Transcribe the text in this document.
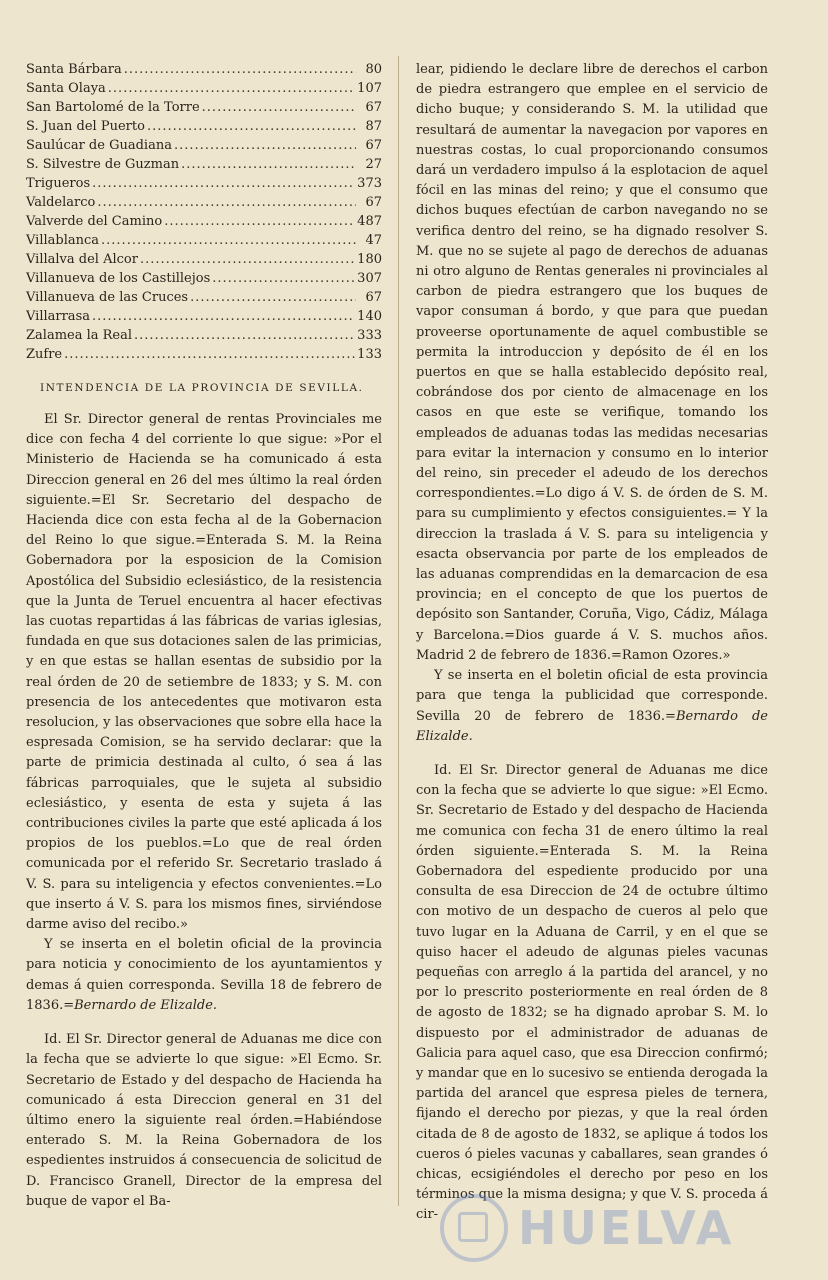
Santa Bárbara .....	80
Santa Olaya .....	107
San Bartolomé de la Torre .....	67
S. Juan del Puerto .....	87
Saulúcar de Guadiana .....	67
S. Silvestre de Guzman .....	27
Trigueros .....	373
Valdelarco .....	67
Valverde del Camino .....	487
Villablanca .....	47
Villalva del Alcor .....	180
Villanueva de los Castillejos .....	307
Villanueva de las Cruces .....	67
Villarrasa .....	140
Zalamea la Real .....	333
Zufre .....	133
INTENDENCIA DE LA PROVINCIA DE SEVILLA.

El Sr. Director general de rentas Provinciales me dice con fecha 4 del corriente lo que sigue: »Por el Ministerio de Hacienda se ha comunicado á esta Direccion general en 26 del mes último la real órden siguiente.=El Sr. Secretario del despacho de Hacienda dice con esta fecha al de la Gobernacion del Reino lo que sigue.=Enterada S. M. la Reina Gobernadora por la esposicion de la Comision Apostólica del Subsidio eclesiástico, de la resistencia que la Junta de Teruel encuentra al hacer efectivas las cuotas repartidas á las fábricas de varias iglesias, fundada en que sus dotaciones salen de las primicias, y en que estas se hallan esentas de subsidio por la real órden de 20 de setiembre de 1833; y S. M. con presencia de los antecedentes que motivaron esta resolucion, y las observaciones que sobre ella hace la espresada Comision, se ha servido declarar: que la parte de primicia destinada al culto, ó sea á las fábricas parroquiales, que le sujeta al subsidio eclesiástico, y esenta de esta y sujeta á las contribuciones civiles la parte que esté aplicada á los propios de los pueblos.=Lo que de real órden comunicada por el referido Sr. Secretario traslado á V. S. para su inteligencia y efectos convenientes.=Lo que inserto á V. S. para los mismos fines, sirviéndose darme aviso del recibo.»

Y se inserta en el boletin oficial de la provincia para noticia y conocimiento de los ayuntamientos y demas á quien corresponda. Sevilla 18 de febrero de 1836.=Bernardo de Elizalde.

Id. El Sr. Director general de Aduanas me dice con la fecha que se advierte lo que sigue: »El Ecmo. Sr. Secretario de Estado y del despacho de Hacienda ha comunicado á esta Direccion general en 31 del último enero la siguiente real órden.=Habiéndose enterado S. M. la Reina Gobernadora de los espedientes instruidos á consecuencia de solicitud de D. Francisco Granell, Director de la empresa del buque de vapor el Ba-

lear, pidiendo le declare libre de derechos el carbon de piedra estrangero que emplee en el servicio de dicho buque; y considerando S. M. la utilidad que resultará de aumentar la navegacion por vapores en nuestras costas, lo cual proporcionando consumos dará un verdadero impulso á la esplotacion de aquel fócil en las minas del reino; y que el consumo que dichos buques efectúan de carbon navegando no se verifica dentro del reino, se ha dignado resolver S. M. que no se sujete al pago de derechos de aduanas ni otro alguno de Rentas generales ni provinciales al carbon de piedra estrangero que los buques de vapor consuman á bordo, y que para que puedan proveerse oportunamente de aquel combustible se permita la introduccion y depósito de él en los puertos en que se halla establecido depósito real, cobrándose dos por ciento de almacenage en los casos en que este se verifique, tomando los empleados de aduanas todas las medidas necesarias para evitar la internacion y consumo en lo interior del reino, sin preceder el adeudo de los derechos correspondientes.=Lo digo á V. S. de órden de S. M. para su cumplimiento y efectos consiguientes.= Y la direccion la traslada á V. S. para su inteligencia y esacta observancia por parte de los empleados de las aduanas comprendidas en la demarcacion de esa provincia; en el concepto de que los puertos de depósito son Santander, Coruña, Vigo, Cádiz, Málaga y Barcelona.=Dios guarde á V. S. muchos años. Madrid 2 de febrero de 1836.=Ramon Ozores.»

Y se inserta en el boletin oficial de esta provincia para que tenga la publicidad que corresponde. Sevilla 20 de febrero de 1836.=Bernardo de Elizalde.

Id. El Sr. Director general de Aduanas me dice con la fecha que se advierte lo que sigue: »El Ecmo. Sr. Secretario de Estado y del despacho de Hacienda me comunica con fecha 31 de enero último la real órden siguiente.=Enterada S. M. la Reina Gobernadora del espediente producido por una consulta de esa Direccion de 24 de octubre último con motivo de un despacho de cueros al pelo que tuvo lugar en la Aduana de Carril, y en el que se quiso hacer el adeudo de algunas pieles vacunas pequeñas con arreglo á la partida del arancel, y no por lo prescrito posteriormente en real órden de 8 de agosto de 1832; se ha dignado aprobar S. M. lo dispuesto por el administrador de aduanas de Galicia para aquel caso, que esa Direccion confirmó; y mandar que en lo sucesivo se entienda derogada la partida del arancel que espresa pieles de ternera, fijando el derecho por piezas, y que la real órden citada de 8 de agosto de 1832, se aplique á todos los cueros ó pieles vacunas y caballares, sean grandes ó chicas, ecsigiéndoles el derecho por peso en los términos que la misma designa; y que V. S. proceda á cir-	HUELVA
